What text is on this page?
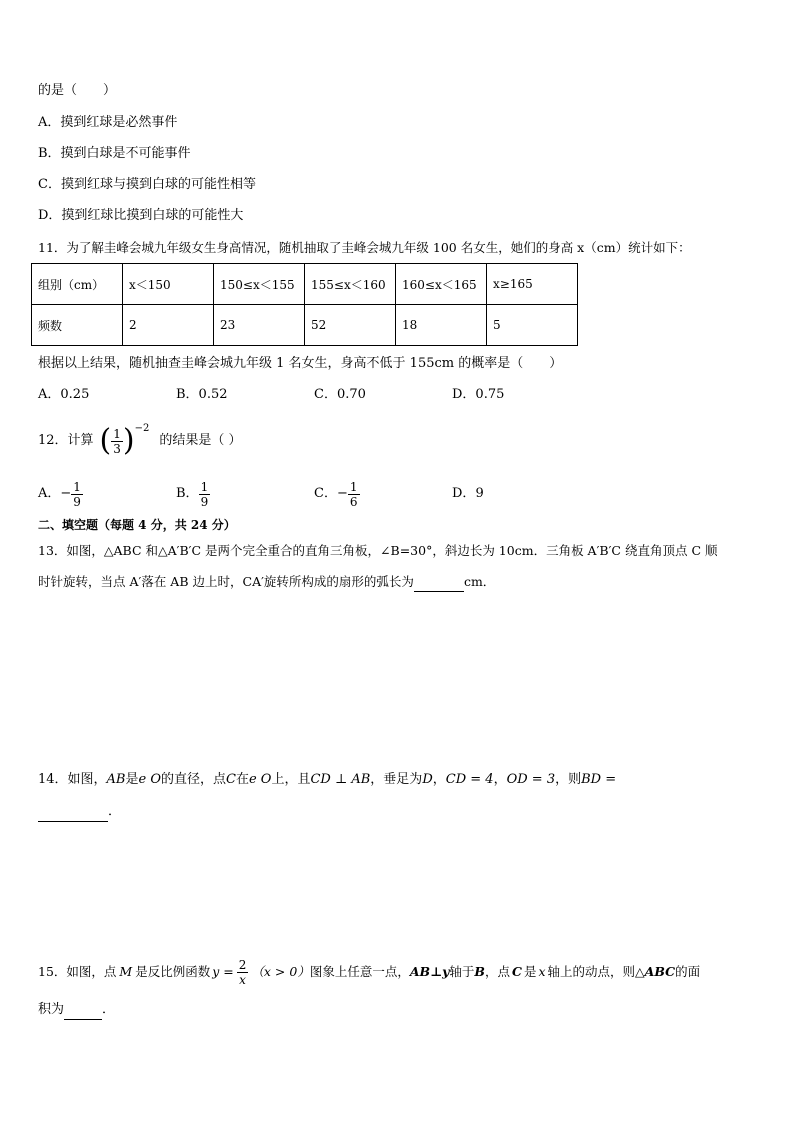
的是（　　）
A．摸到红球是必然事件
B．摸到白球是不可能事件
C．摸到红球与摸到白球的可能性相等
D．摸到红球比摸到白球的可能性大
11．为了解圭峰会城九年级女生身高情况，随机抽取了圭峰会城九年级 100 名女生，她们的身高 x（cm）统计如下：
组别（cm）	x＜150	150≤x＜155	155≤x＜160	160≤x＜165	x≥165
频数	2	23	52	18	5
根据以上结果，随机抽查圭峰会城九年级 1 名女生，身高不低于 155cm 的概率是（　　）
A．0.25	B．0.52	C．0.70	D．0.75
12．计算 ( $\frac{1}{3} )^{-2}$
的结果是（ ）
A． − $\frac{1}{9}$	B． $\frac{1}{9}$	C． − $\frac{1}{6}$	D．9
二、填空题（每题 4 分，共 24 分）
13．如图，△ABC 和△A′B′C 是两个完全重合的直角三角板，∠B=30°，斜边长为 10cm．三角板 A′B′C 绕直角顶点 C 顺
时针旋转，当点 A′落在 AB 边上时，CA′旋转所构成的扇形的弧长为	cm．
B′
B	C
A′
A
14．如图，AB是e O的直径，点C在e O上，且CD ⊥ AB，垂足为D，CD = 4，OD = 3，则BD =
．
A	O D B
C
15．如图，点 M 是反比例函数 $y = \frac{2}{x} (x > 0)$ 图象上任意一点， AB⊥y 轴于 B ，点 C 是 x 轴上的动点，则△ ABC 的面
积为	．
